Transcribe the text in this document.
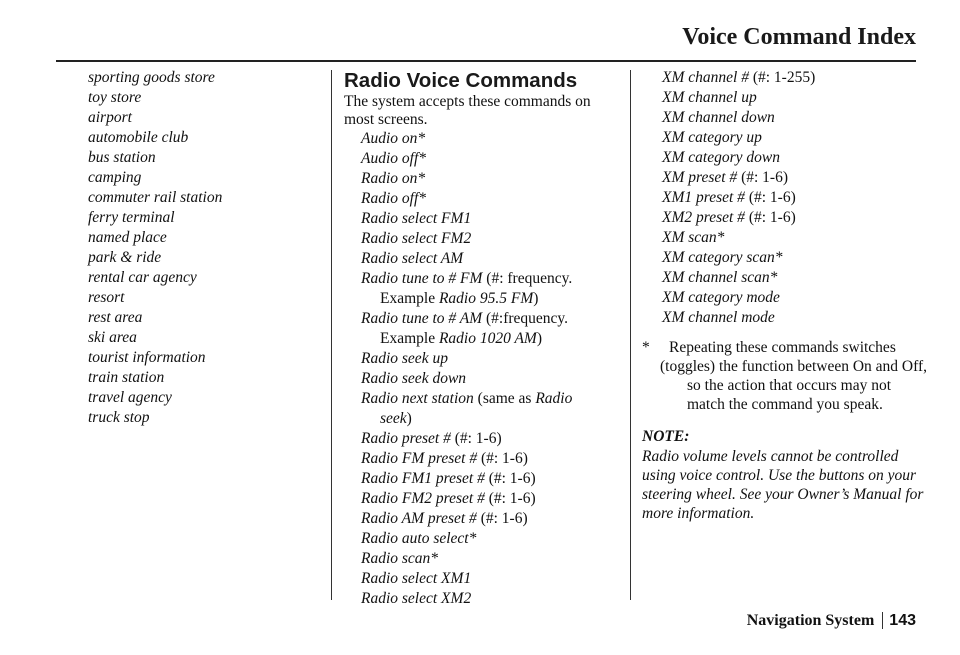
Voice Command Index
sporting goods store
toy store
airport
automobile club
bus station
camping
commuter rail station
ferry terminal
named place
park & ride
rental car agency
resort
rest area
ski area
tourist information
train station
travel agency
truck stop
Radio Voice Commands
The system accepts these commands on most screens.
Audio on*
Audio off*
Radio on*
Radio off*
Radio select FM1
Radio select FM2
Radio select AM
Radio tune to # FM (#: frequency.
Example Radio 95.5 FM)
Radio tune to # AM (#:frequency.
Example Radio 1020 AM)
Radio seek up
Radio seek down
Radio next station (same as Radio
seek)
Radio preset # (#: 1-6)
Radio FM preset # (#: 1-6)
Radio FM1 preset # (#: 1-6)
Radio FM2 preset # (#: 1-6)
Radio AM preset # (#: 1-6)
Radio auto select*
Radio scan*
Radio select XM1
Radio select XM2
XM channel # (#: 1-255)
XM channel up
XM channel down
XM category up
XM category down
XM preset # (#: 1-6)
XM1 preset # (#: 1-6)
XM2 preset # (#: 1-6)
XM scan*
XM category scan*
XM channel scan*
XM category mode
XM channel mode
* Repeating these commands switches
(toggles) the function between On and Off, so the action that occurs may not match the command you speak.
NOTE:
Radio volume levels cannot be controlled using voice control. Use the buttons on your steering wheel. See your Owner’s Manual for more information.
Navigation System 143
